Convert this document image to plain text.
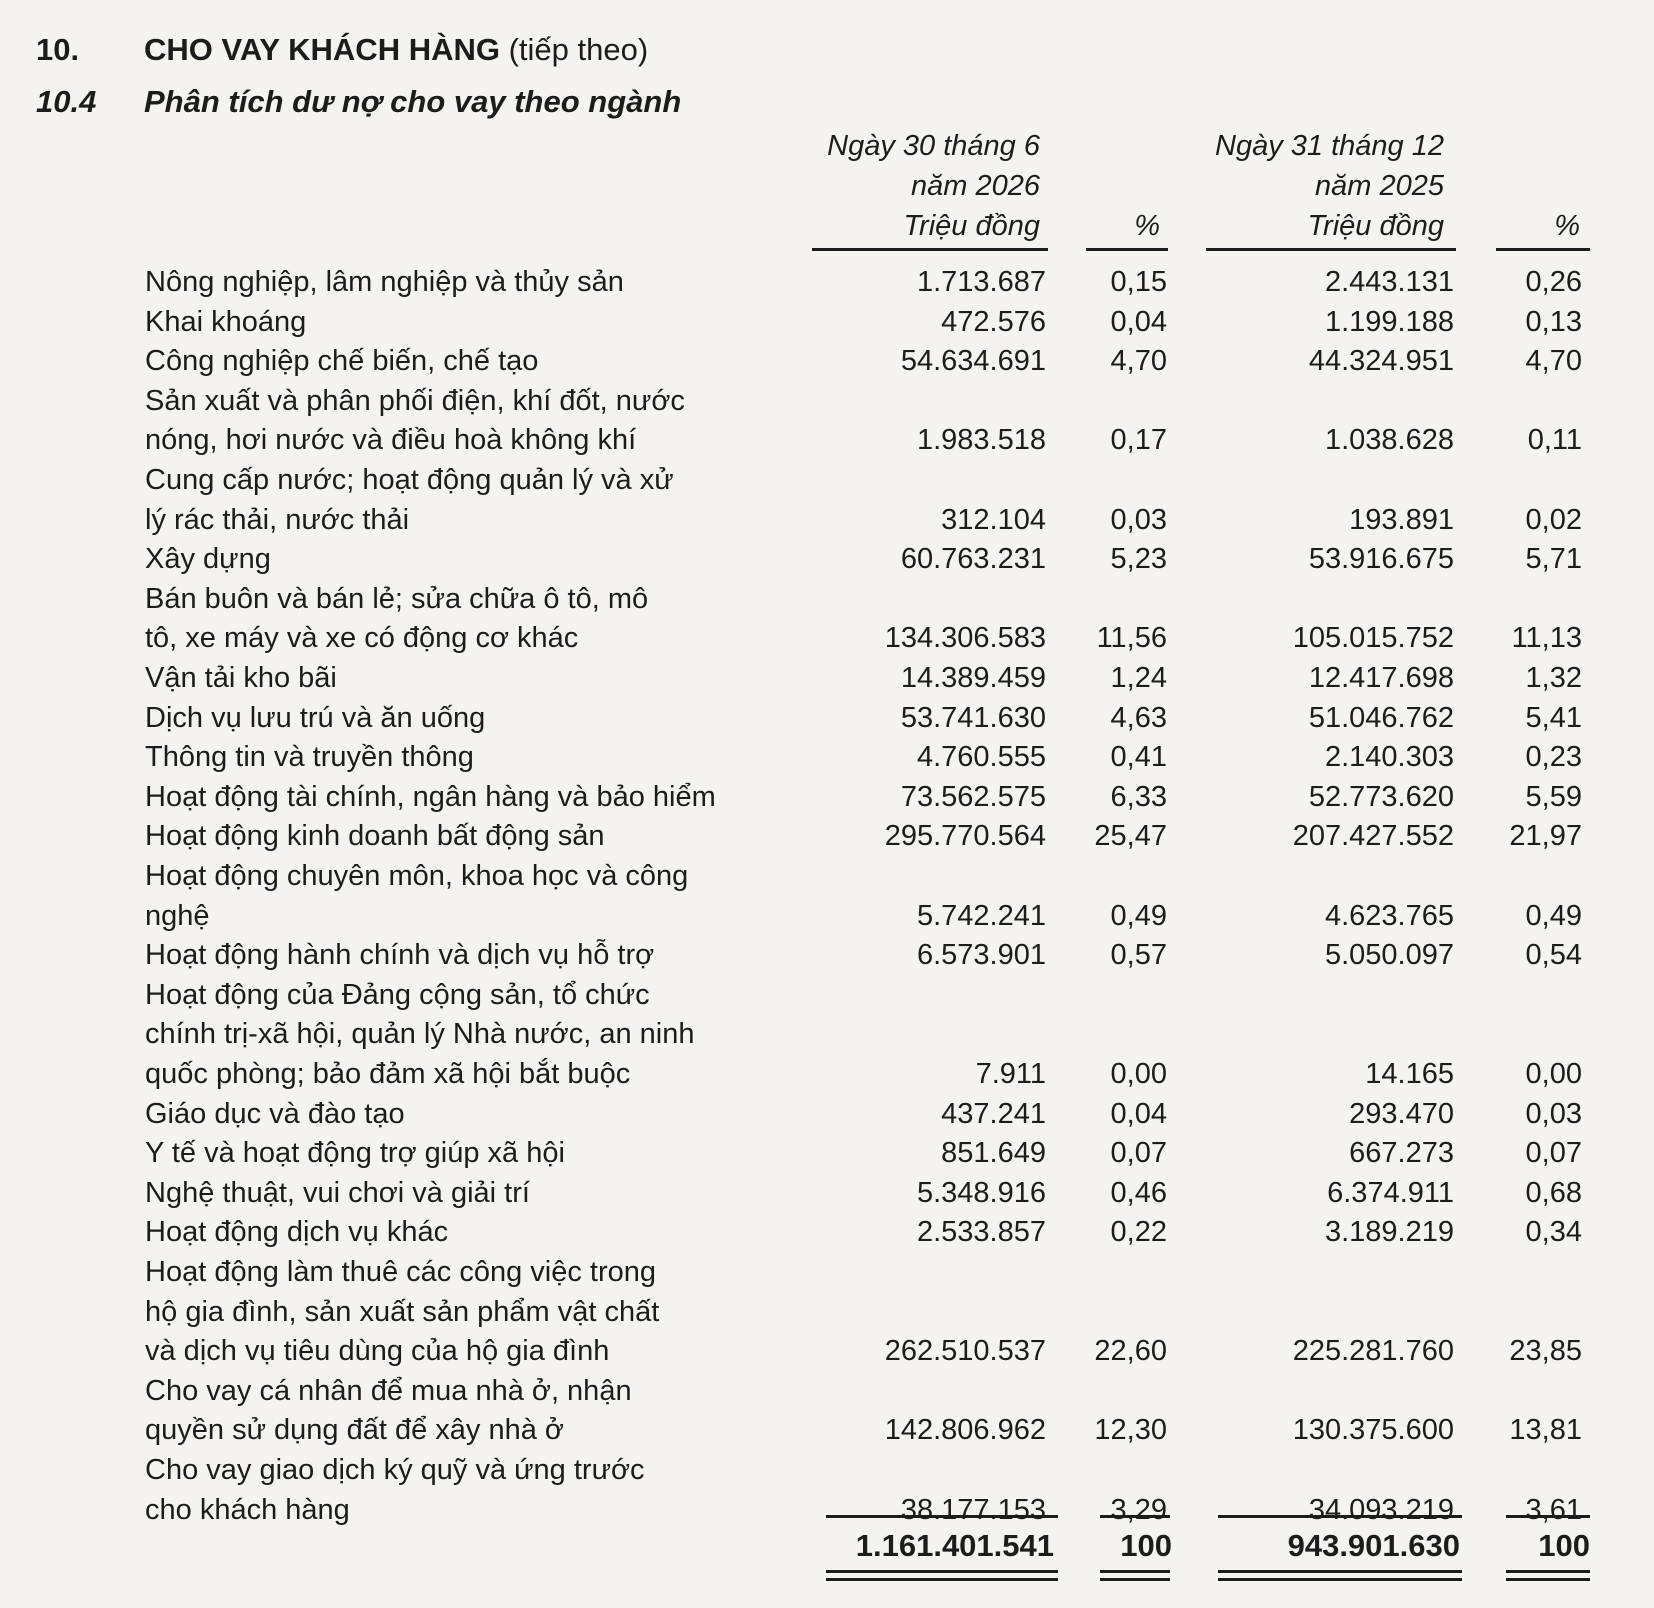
10. CHO VAY KHÁCH HÀNG (tiếp theo)
10.4 Phân tích dư nợ cho vay theo ngành
Ngày 30 tháng 6
năm 2026
Triệu đồng	%
Ngày 31 tháng 12
năm 2025
Triệu đồng	%
Nông nghiệp, lâm nghiệp và thủy sản	1.713.687 0,15	2.443.131 0,26
Khai khoáng	472.576 0,04	1.199.188 0,13
Công nghiệp chế biến, chế tạo	54.634.691 4,70	44.324.951 4,70
Sản xuất và phân phối điện, khí đốt, nước
nóng, hơi nước và điều hoà không khí	1.983.518 0,17	1.038.628	0,11
Cung cấp nước; hoạt động quản lý và xử
lý rác thải, nước thải	312.104 0,03	193.891 0,02
Xây dựng	60.763.231 5,23	53.916.675 5,71
Bán buôn và bán lẻ; sửa chữa ô tô, mô
tô, xe máy và xe có động cơ khác	134.306.583 11,56	105.015.752 11,13
Vận tải kho bãi	14.389.459 1,24	12.417.698 1,32
Dịch vụ lưu trú và ăn uống	53.741.630 4,63	51.046.762 5,41
Thông tin và truyền thông	4.760.555 0,41	2.140.303 0,23
Hoạt động tài chính, ngân hàng và bảo hiểm	73.562.575 6,33	52.773.620 5,59
Hoạt động kinh doanh bất động sản	295.770.564 25,47	207.427.552 21,97
Hoạt động chuyên môn, khoa học và công
nghệ	5.742.241 0,49	4.623.765 0,49
Hoạt động hành chính và dịch vụ hỗ trợ	6.573.901 0,57	5.050.097 0,54
Hoạt động của Đảng cộng sản, tổ chức
chính trị-xã hội, quản lý Nhà nước, an ninh
quốc phòng; bảo đảm xã hội bắt buộc	7.911 0,00	14.165 0,00
Giáo dục và đào tạo	437.241 0,04	293.470 0,03
Y tế và hoạt động trợ giúp xã hội	851.649 0,07	667.273 0,07
Nghệ thuật, vui chơi và giải trí	5.348.916 0,46	6.374.911 0,68
Hoạt động dịch vụ khác	2.533.857 0,22	3.189.219 0,34
Hoạt động làm thuê các công việc trong
hộ gia đình, sản xuất sản phẩm vật chất
và dịch vụ tiêu dùng của hộ gia đình	262.510.537 22,60	225.281.760 23,85
Cho vay cá nhân để mua nhà ở, nhận
quyền sử dụng đất để xây nhà ở	142.806.962 12,30	130.375.600 13,81
Cho vay giao dịch ký quỹ và ứng trước
cho khách hàng	38.177.153 3,29	34.093.219 3,61
1.161.401.541 100	943.901.630	100
